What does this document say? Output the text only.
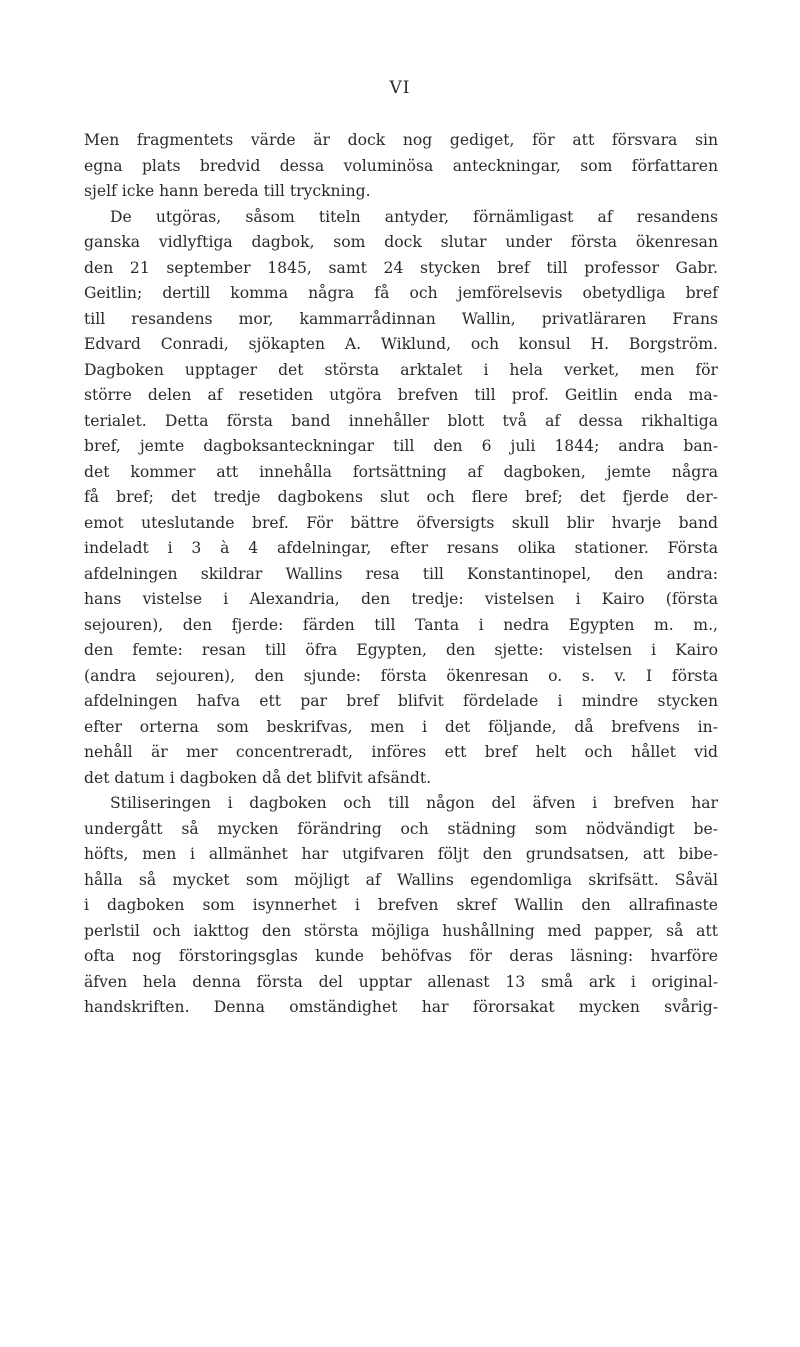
VI
Men fragmentets värde är dock nog gediget, för att försvara sin
egna plats bredvid dessa voluminösa anteckningar, som författaren
sjelf icke hann bereda till tryckning.
De utgöras, såsom titeln antyder, förnämligast af resandens
ganska vidlyftiga dagbok, som dock slutar under första ökenresan
den 21 september 1845, samt 24 stycken bref till professor Gabr.
Geitlin; dertill komma några få och jemförelsevis obetydliga bref
till resandens mor, kammarrådinnan Wallin, privatläraren Frans
Edvard Conradi, sjökapten A. Wiklund, och konsul H. Borgström.
Dagboken upptager det största arktalet i hela verket, men för
större delen af resetiden utgöra brefven till prof. Geitlin enda ma-
terialet. Detta första band innehåller blott två af dessa rikhaltiga
bref, jemte dagboksanteckningar till den 6 juli 1844; andra ban-
det kommer att innehålla fortsättning af dagboken, jemte några
få bref; det tredje dagbokens slut och flere bref; det fjerde der-
emot uteslutande bref. För bättre öfversigts skull blir hvarje band
indeladt i 3 à 4 afdelningar, efter resans olika stationer. Första
afdelningen skildrar Wallins resa till Konstantinopel, den andra:
hans vistelse i Alexandria, den tredje: vistelsen i Kairo (första
sejouren), den fjerde: färden till Tanta i nedra Egypten m. m.,
den femte: resan till öfra Egypten, den sjette: vistelsen i Kairo
(andra sejouren), den sjunde: första ökenresan o. s. v. I första
afdelningen hafva ett par bref blifvit fördelade i mindre stycken
efter orterna som beskrifvas, men i det följande, då brefvens in-
nehåll är mer concentreradt, införes ett bref helt och hållet vid
det datum i dagboken då det blifvit afsändt.
Stiliseringen i dagboken och till någon del äfven i brefven har
undergått så mycken förändring och städning som nödvändigt be-
höfts, men i allmänhet har utgifvaren följt den grundsatsen, att bibe-
hålla så mycket som möjligt af Wallins egendomliga skrifsätt. Såväl
i dagboken som isynnerhet i brefven skref Wallin den allrafinaste
perlstil och iakttog den största möjliga hushållning med papper, så att
ofta nog förstoringsglas kunde behöfvas för deras läsning: hvarföre
äfven hela denna första del upptar allenast 13 små ark i original-
handskriften. Denna omständighet har förorsakat mycken svårig-
